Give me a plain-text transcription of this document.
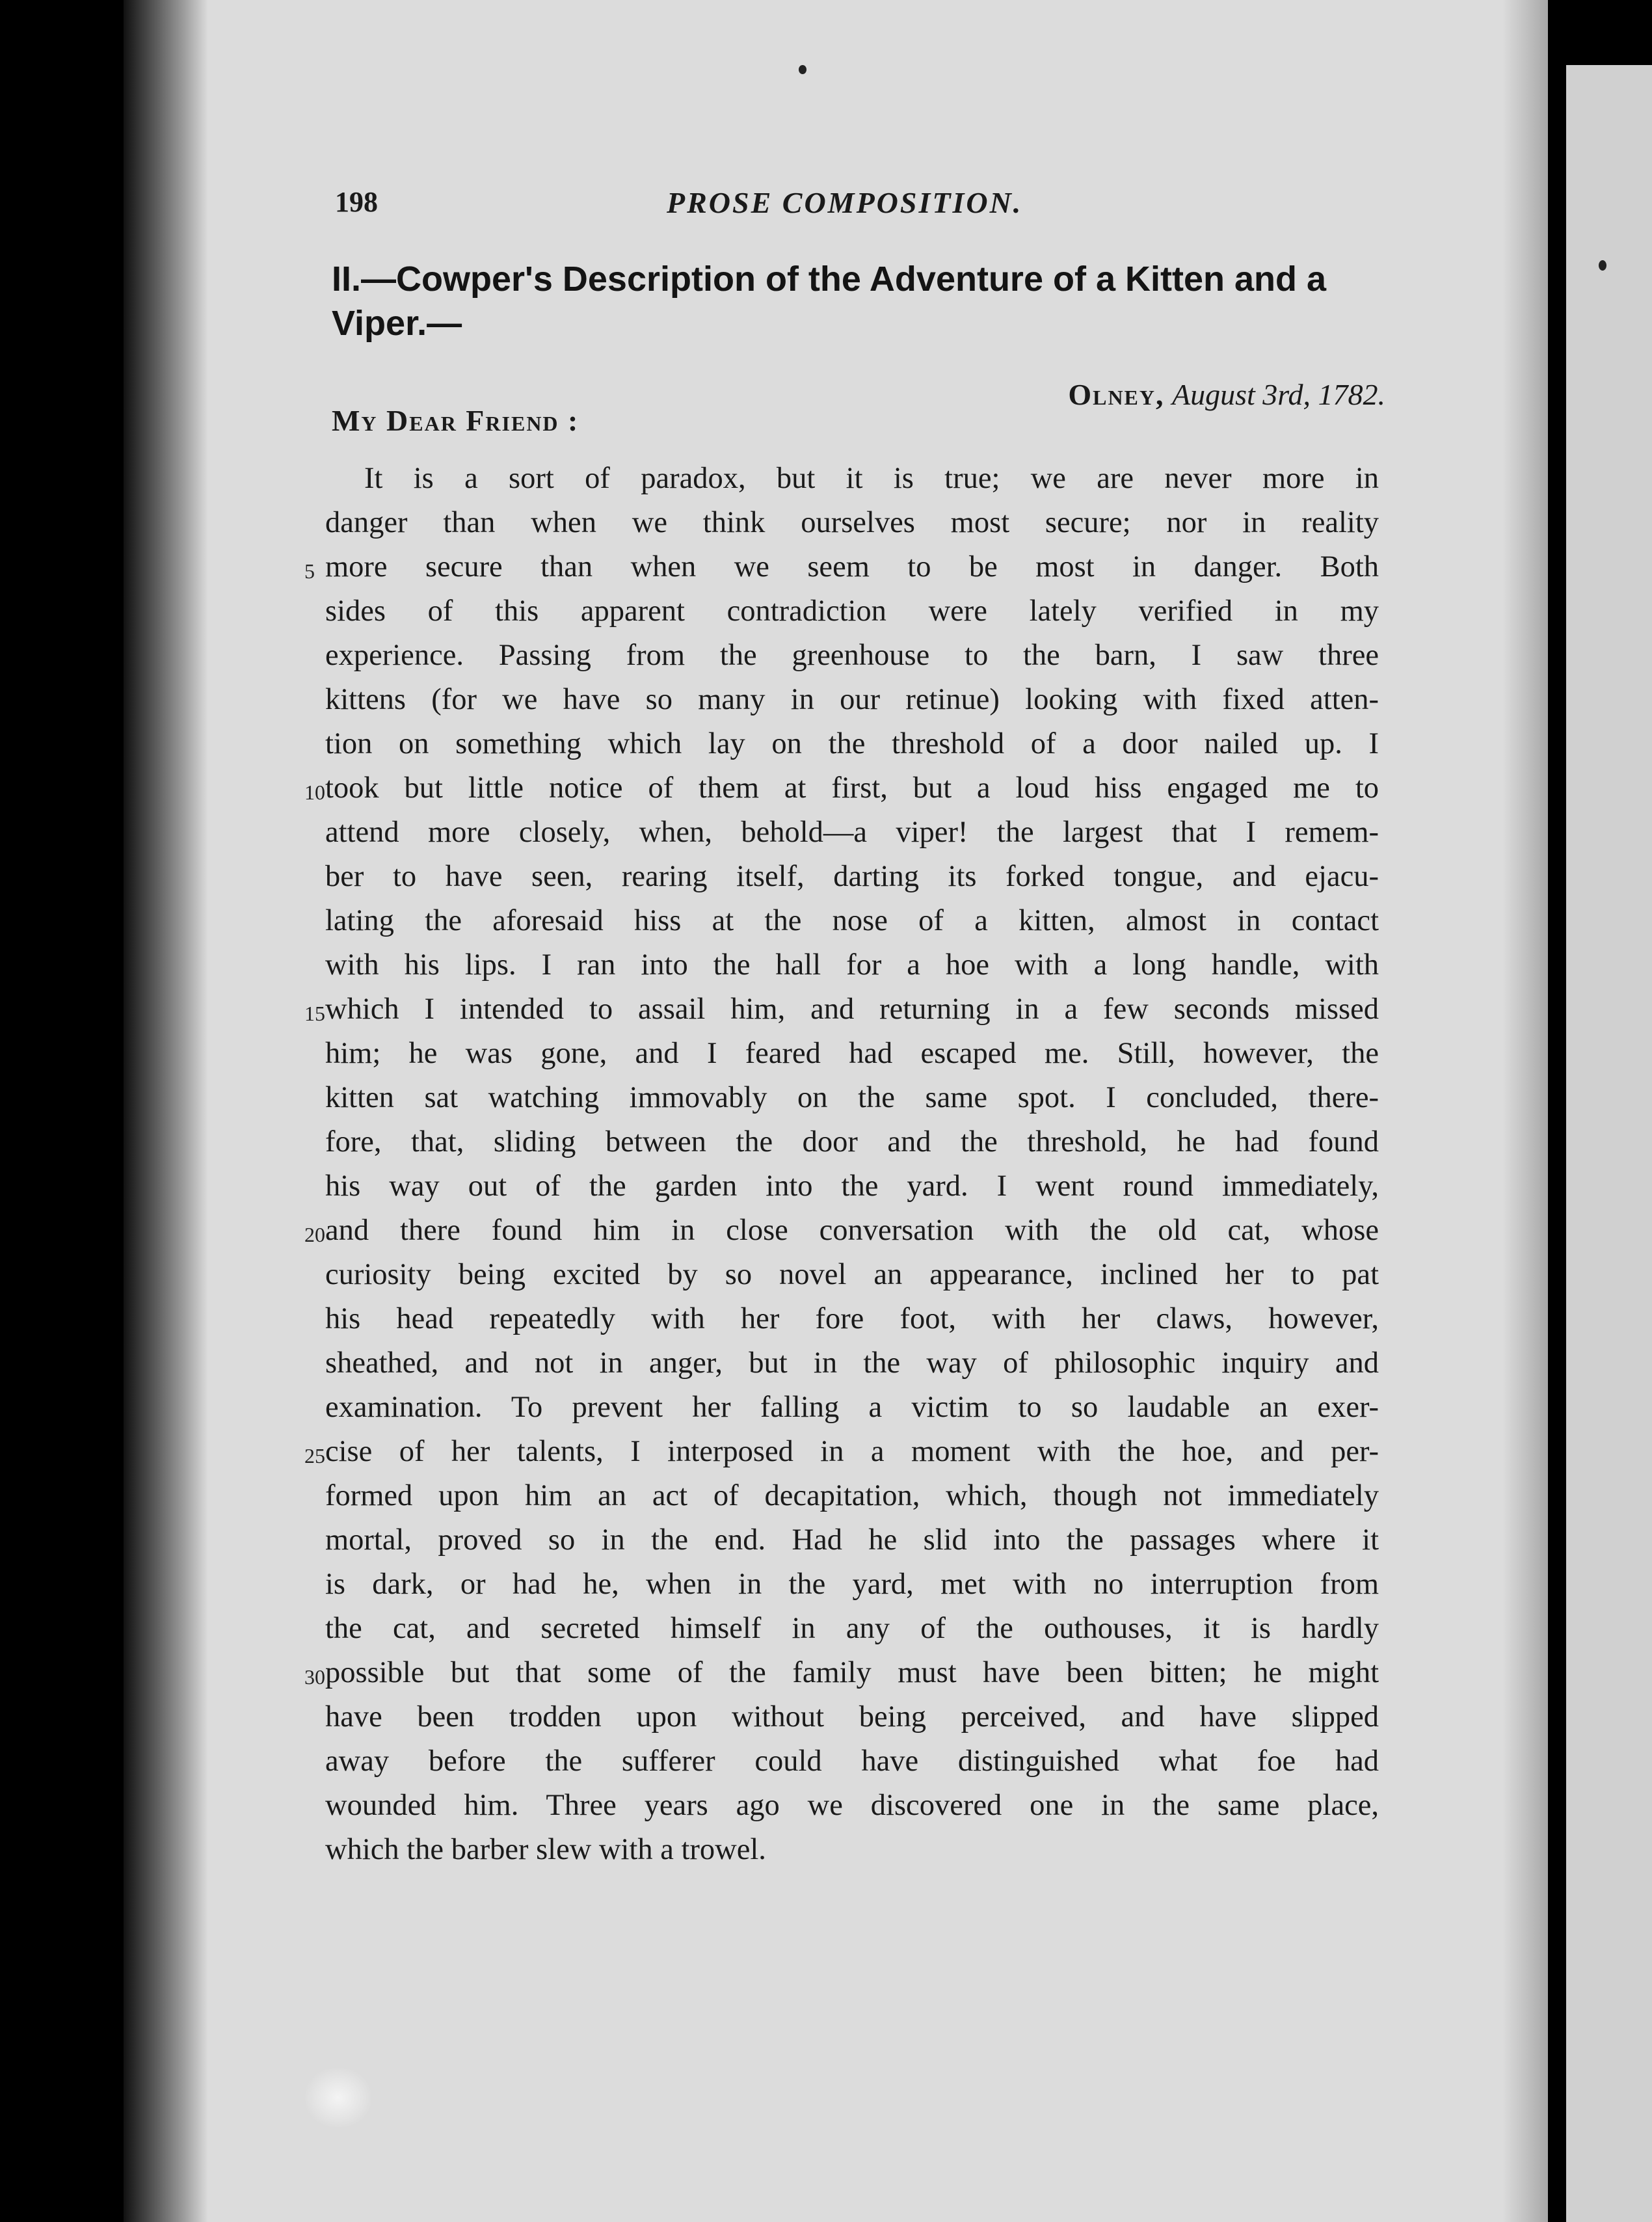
198	PROSE COMPOSITION.
II.—Cowper's Description of the Adventure of a Kitten and a Viper.—
Olney, August 3rd, 1782.
My Dear Friend :
It is a sort of paradox, but it is true; we are never more in
danger than when we think ourselves most secure; nor in reality
5 more secure than when we seem to be most in danger. Both
sides of this apparent contradiction were lately verified in my
experience. Passing from the greenhouse to the barn, I saw three
kittens (for we have so many in our retinue) looking with fixed atten-
tion on something which lay on the threshold of a door nailed up. I
10 took but little notice of them at first, but a loud hiss engaged me to
attend more closely, when, behold—a viper! the largest that I remem-
ber to have seen, rearing itself, darting its forked tongue, and ejacu-
lating the aforesaid hiss at the nose of a kitten, almost in contact
with his lips. I ran into the hall for a hoe with a long handle, with
15 which I intended to assail him, and returning in a few seconds missed
him; he was gone, and I feared had escaped me. Still, however, the
kitten sat watching immovably on the same spot. I concluded, there-
fore, that, sliding between the door and the threshold, he had found
his way out of the garden into the yard. I went round immediately,
20 and there found him in close conversation with the old cat, whose
curiosity being excited by so novel an appearance, inclined her to pat
his head repeatedly with her fore foot, with her claws, however,
sheathed, and not in anger, but in the way of philosophic inquiry and
examination. To prevent her falling a victim to so laudable an exer-
25 cise of her talents, I interposed in a moment with the hoe, and per-
formed upon him an act of decapitation, which, though not immediately
mortal, proved so in the end. Had he slid into the passages where it
is dark, or had he, when in the yard, met with no interruption from
the cat, and secreted himself in any of the outhouses, it is hardly
30 possible but that some of the family must have been bitten; he might
have been trodden upon without being perceived, and have slipped
away before the sufferer could have distinguished what foe had
wounded him. Three years ago we discovered one in the same place,
which the barber slew with a trowel.
